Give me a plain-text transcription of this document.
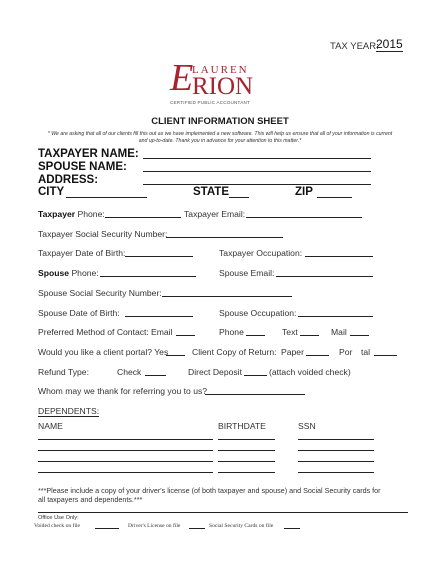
TAX YEAR:
2015
E
LAUREN
RION
CERTIFIED PUBLIC ACCOUNTANT
CLIENT INFORMATION SHEET
* We are asking that all of our clients fill this out as we have implemented a new software. This will help us ensure that all of your information is current
and up-to-date. Thank you in advance for your attention to this matter.*
TAXPAYER NAME:
SPOUSE NAME:
ADDRESS:
CITY	STATE	ZIP
Taxpayer Phone:	Taxpayer Email:
Taxpayer Social Security Number:
Taxpayer Date of Birth:	Taxpayer Occupation:
Spouse Phone:	Spouse Email:
Spouse Social Security Number:
Spouse Date of Birth:	Spouse Occupation:
Preferred Method of Contact: Email	Phone	Text	Mail
Would you like a client portal? Yes	Client Copy of Return: Paper	Por tal
Refund Type:	Check	Direct Deposit	(attach voided check)
Whom may we thank for referring you to us?
DEPENDENTS:
NAME	BIRTHDATE	SSN
***Please include a copy of your driver's license (of both taxpayer and spouse) and Social Security cards for
all taxpayers and dependents.***
Office Use Only:
Voided check on file	Driver's License on file	Social Security Cards on file
